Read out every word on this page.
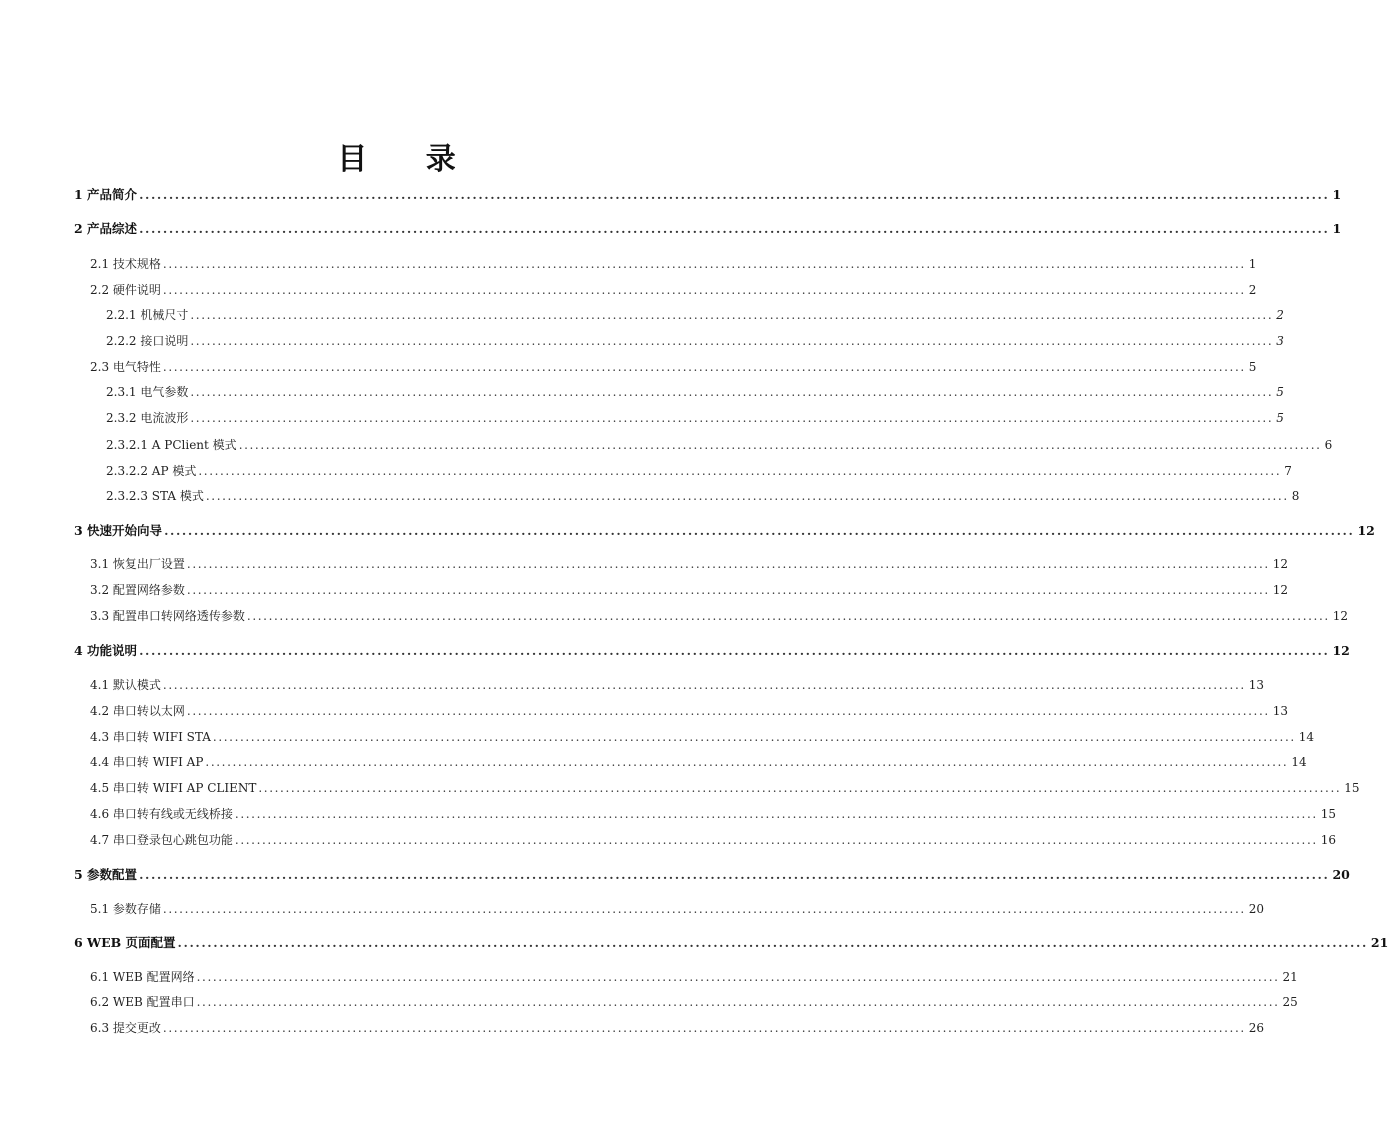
目 录
1 产品简介 ........................................................................................................................................................................................................ 1
2 产品综述 ........................................................................................................................................................................................................ 1
2.1 技术规格 ........................................................................................................................................................................................................ 1
2.2 硬件说明 ........................................................................................................................................................................................................ 2
2.2.1 机械尺寸 ........................................................................................................................................................................................................ 2
2.2.2 接口说明 ........................................................................................................................................................................................................ 3
2.3 电气特性 ........................................................................................................................................................................................................ 5
2.3.1 电气参数 ........................................................................................................................................................................................................ 5
2.3.2 电流波形 ........................................................................................................................................................................................................ 5
2.3.2.1 A PClient 模式 ........................................................................................................................................................................................................ 6
2.3.2.2 AP 模式 ........................................................................................................................................................................................................ 7
2.3.2.3 STA 模式 ........................................................................................................................................................................................................ 8
3 快速开始向导 ........................................................................................................................................................................................................ 12
3.1 恢复出厂设置 ........................................................................................................................................................................................................ 12
3.2 配置网络参数 ........................................................................................................................................................................................................ 12
3.3 配置串口转网络透传参数 ........................................................................................................................................................................................................ 12
4 功能说明 ........................................................................................................................................................................................................ 12
4.1 默认模式 ........................................................................................................................................................................................................ 13
4.2 串口转以太网 ........................................................................................................................................................................................................ 13
4.3 串口转 WIFI STA ........................................................................................................................................................................................................ 14
4.4 串口转 WIFI AP ........................................................................................................................................................................................................ 14
4.5 串口转 WIFI AP CLIENT ........................................................................................................................................................................................................ 15
4.6 串口转有线或无线桥接 ........................................................................................................................................................................................................ 15
4.7 串口登录包心跳包功能 ........................................................................................................................................................................................................ 16
5 参数配置 ........................................................................................................................................................................................................ 20
5.1 参数存储 ........................................................................................................................................................................................................ 20
6 WEB 页面配置 ........................................................................................................................................................................................................ 21
6.1 WEB 配置网络 ........................................................................................................................................................................................................ 21
6.2 WEB 配置串口 ........................................................................................................................................................................................................ 25
6.3 提交更改 ........................................................................................................................................................................................................ 26
